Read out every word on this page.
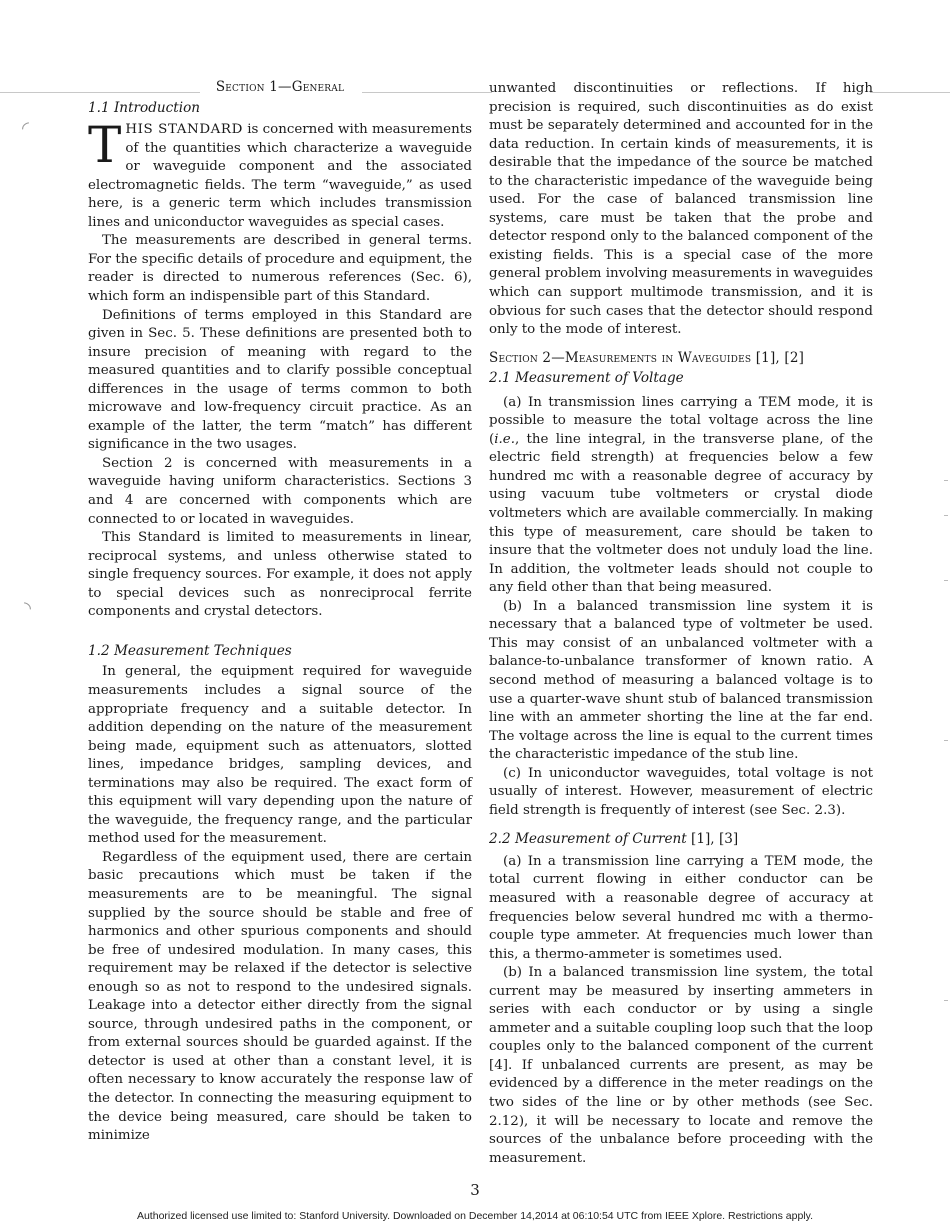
◜
◝
Section 1—General
1.1 Introduction

THIS STANDARD is concerned with measurements of the quantities which characterize a waveguide or waveguide component and the associated electromagnetic fields. The term “waveguide,” as used here, is a generic term which includes transmission lines and uniconductor waveguides as special cases.

The measurements are described in general terms. For the specific details of procedure and equipment, the reader is directed to numerous references (Sec. 6), which form an indispensible part of this Standard.

Definitions of terms employed in this Standard are given in Sec. 5. These definitions are presented both to insure precision of meaning with regard to the measured quantities and to clarify possible conceptual differences in the usage of terms common to both microwave and low-frequency circuit practice. As an example of the latter, the term “match” has different significance in the two usages.

Section 2 is concerned with measurements in a waveguide having uniform characteristics. Sections 3 and 4 are concerned with components which are connected to or located in waveguides.

This Standard is limited to measurements in linear, reciprocal systems, and unless otherwise stated to single frequency sources. For example, it does not apply to special devices such as nonreciprocal ferrite components and crystal detectors.

1.2 Measurement Techniques

In general, the equipment required for waveguide measurements includes a signal source of the appropriate frequency and a suitable detector. In addition depending on the nature of the measurement being made, equipment such as attenuators, slotted lines, impedance bridges, sampling devices, and terminations may also be required. The exact form of this equipment will vary depending upon the nature of the waveguide, the frequency range, and the particular method used for the measurement.

Regardless of the equipment used, there are certain basic precautions which must be taken if the measurements are to be meaningful. The signal supplied by the source should be stable and free of harmonics and other spurious components and should be free of undesired modulation. In many cases, this requirement may be relaxed if the detector is selective enough so as not to respond to the undesired signals. Leakage into a detector either directly from the signal source, through undesired paths in the component, or from external sources should be guarded against. If the detector is used at other than a constant level, it is often necessary to know accurately the response law of the detector. In connecting the measuring equipment to the device being measured, care should be taken to minimize

unwanted discontinuities or reflections. If high precision is required, such discontinuities as do exist must be separately determined and accounted for in the data reduction. In certain kinds of measurements, it is desirable that the impedance of the source be matched to the characteristic impedance of the waveguide being used. For the case of balanced transmission line systems, care must be taken that the probe and detector respond only to the balanced component of the existing fields. This is a special case of the more general problem involving measurements in waveguides which can support multimode transmission, and it is obvious for such cases that the detector should respond only to the mode of interest.

Section 2—Measurements in Waveguides [1], [2]
2.1 Measurement of Voltage

(a) In transmission lines carrying a TEM mode, it is possible to measure the total voltage across the line (i.e., the line integral, in the transverse plane, of the electric field strength) at frequencies below a few hundred mc with a reasonable degree of accuracy by using vacuum tube voltmeters or crystal diode voltmeters which are available commercially. In making this type of measurement, care should be taken to insure that the voltmeter does not unduly load the line. In addition, the voltmeter leads should not couple to any field other than that being measured.

(b) In a balanced transmission line system it is necessary that a balanced type of voltmeter be used. This may consist of an unbalanced voltmeter with a balance-to-unbalance transformer of known ratio. A second method of measuring a balanced voltage is to use a quarter-wave shunt stub of balanced transmission line with an ammeter shorting the line at the far end. The voltage across the line is equal to the current times the characteristic impedance of the stub line.

(c) In uniconductor waveguides, total voltage is not usually of interest. However, measurement of electric field strength is frequently of interest (see Sec. 2.3).

2.2 Measurement of Current [1], [3]

(a) In a transmission line carrying a TEM mode, the total current flowing in either conductor can be measured with a reasonable degree of accuracy at frequencies below several hundred mc with a thermo-couple type ammeter. At frequencies much lower than this, a thermo-ammeter is sometimes used.

(b) In a balanced transmission line system, the total current may be measured by inserting ammeters in series with each conductor or by using a single ammeter and a suitable coupling loop such that the loop couples only to the balanced component of the current [4]. If unbalanced currents are present, as may be evidenced by a difference in the meter readings on the two sides of the line or by other methods (see Sec. 2.12), it will be necessary to locate and remove the sources of the unbalance before proceeding with the measurement.

3
Authorized licensed use limited to: Stanford University. Downloaded on December 14,2014 at 06:10:54 UTC from IEEE Xplore. Restrictions apply.
